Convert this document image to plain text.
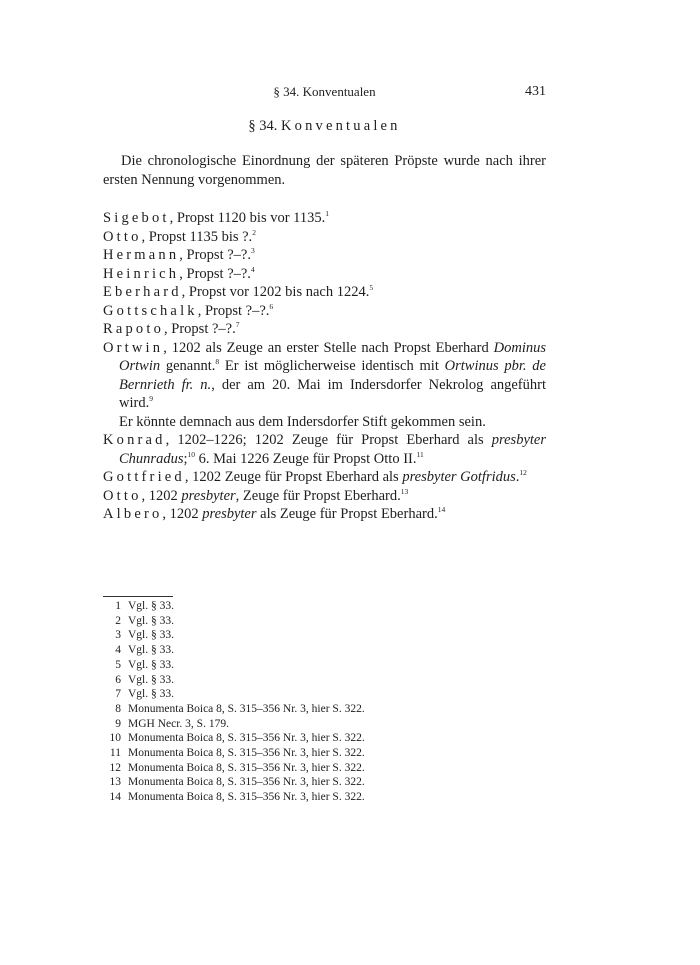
§ 34. Konventualen	431
§ 34. Konventualen

Die chronologische Einordnung der späteren Pröpste wurde nach ihrer ersten Nennung vorgenommen.

Sigebot, Propst 1120 bis vor 1135.$^1$
Otto, Propst 1135 bis ?.$^2$
Hermann, Propst ?–?.$^3$
Heinrich, Propst ?–?.$^4$
Eberhard, Propst vor 1202 bis nach 1224.$^5$
Gottschalk, Propst ?–?.$^6$
Rapoto, Propst ?–?.$^7$
Ortwin, 1202 als Zeuge an erster Stelle nach Propst Eberhard Dominus Ortwin genannt.$^8$ Er ist möglicherweise identisch mit Ortwinus pbr. de Bernrieth fr. n., der am 20. Mai im Indersdorfer Nekrolog angeführt wird.$^9$
Er könnte demnach aus dem Indersdorfer Stift gekommen sein.
Konrad, 1202–1226; 1202 Zeuge für Propst Eberhard als presbyter Chunradus;$^{10}$ 6. Mai 1226 Zeuge für Propst Otto II.$^{11}$
Gottfried, 1202 Zeuge für Propst Eberhard als presbyter Gotfridus.$^{12}$
Otto, 1202 presbyter, Zeuge für Propst Eberhard.$^{13}$
Albero, 1202 presbyter als Zeuge für Propst Eberhard.$^{14}$
1 Vgl. § 33.
2 Vgl. § 33.
3 Vgl. § 33.
4 Vgl. § 33.
5 Vgl. § 33.
6 Vgl. § 33.
7 Vgl. § 33.
8 Monumenta Boica 8, S. 315–356 Nr. 3, hier S. 322.
9 MGH Necr. 3, S. 179.
10 Monumenta Boica 8, S. 315–356 Nr. 3, hier S. 322.
11 Monumenta Boica 8, S. 315–356 Nr. 3, hier S. 322.
12 Monumenta Boica 8, S. 315–356 Nr. 3, hier S. 322.
13 Monumenta Boica 8, S. 315–356 Nr. 3, hier S. 322.
14 Monumenta Boica 8, S. 315–356 Nr. 3, hier S. 322.
